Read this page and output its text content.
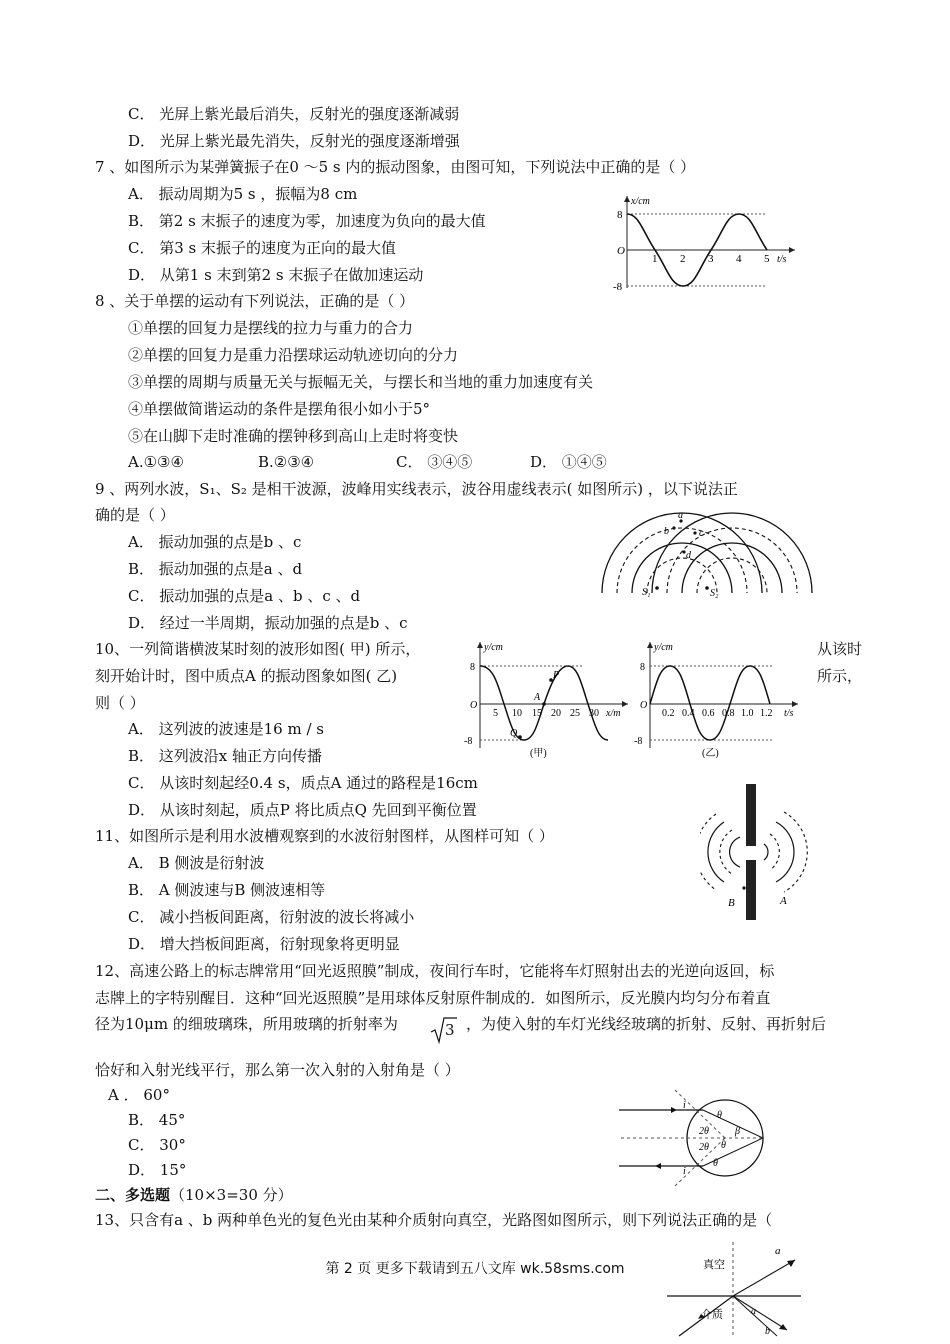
C． 光屏上紫光最后消失，反射光的强度逐渐减弱
D． 光屏上紫光最先消失，反射光的强度逐渐增强
7 、如图所示为某弹簧振子在0 ～5 s 内的振动图象，由图可知，下列说法中正确的是（ ）
A． 振动周期为5 s ，振幅为8 cm
B． 第2 s 末振子的速度为零，加速度为负向的最大值
C． 第3 s 末振子的速度为正向的最大值
D． 从第1 s 末到第2 s 末振子在做加速运动
x/cm
t/s
8
-8
O
1 2 3 4 5
8 、关于单摆的运动有下列说法，正确的是（ ）
①单摆的回复力是摆线的拉力与重力的合力
②单摆的回复力是重力沿摆球运动轨迹切向的分力
③单摆的周期与质量无关与振幅无关，与摆长和当地的重力加速度有关
④单摆做简谐运动的条件是摆角很小如小于5°
⑤在山脚下走时准确的摆钟移到高山上走时将变快
A.①③④	B.②③④	C． ③④⑤	D． ①④⑤
9 、两列水波，S₁、S₂ 是相干波源，波峰用实线表示，波谷用虚线表示( 如图所示) ，以下说法正
确的是（ ）
A． 振动加强的点是b 、c
B． 振动加强的点是a 、d
C． 振动加强的点是a 、b 、c 、d
D． 经过一半周期，振动加强的点是b 、c
a
b	c
d
S₁	S₂
10、一列简谐横波某时刻的波形如图( 甲) 所示，	从该时
刻开始计时，图中质点A 的振动图象如图( 乙)	所示，
则（ ）
A． 这列波的波速是16 m / s
B． 这列波沿x 轴正方向传播
C． 从该时刻起经0.4 s，质点A 通过的路程是16cm
D． 从该时刻起，质点P 将比质点Q 先回到平衡位置
y/cm
x/m
8
-8
O
5 10 15 20 25 30
P
A
Q
(甲)
y/cm
t/s
8
-8
O
0.2 0.4 0.6 0.8 1.0 1.2
(乙)
11、如图所示是利用水波槽观察到的水波衍射图样，从图样可知（ ）
A． B 侧波是衍射波
B． A 侧波速与B 侧波速相等
C． 减小挡板间距离，衍射波的波长将减小
D． 增大挡板间距离，衍射现象将更明显
B	A
12、高速公路上的标志牌常用“回光返照膜”制成，夜间行车时，它能将车灯照射出去的光逆向返回，标
志牌上的字特别醒目．这种“回光返照膜”是用球体反射原件制成的．如图所示，反光膜内均匀分布着直
径为10μm 的细玻璃珠，所用玻璃的折射率为	3 ，为使入射的车灯光线经玻璃的折射、反射、再折射后
恰好和入射光线平行，那么第一次入射的入射角是（ ）
A ． 60°
B． 45°
C． 30°
D． 15°
i
i
θ
2θ	β
2θ θ
θ
二、多选题（10×3=30 分）
13、只含有a 、b 两种单色光的复色光由某种介质射向真空，光路图如图所示，则下列说法正确的是（
真空
介质
a
a
b
第 2 页 更多下载请到五八文库 wk.58sms.com
